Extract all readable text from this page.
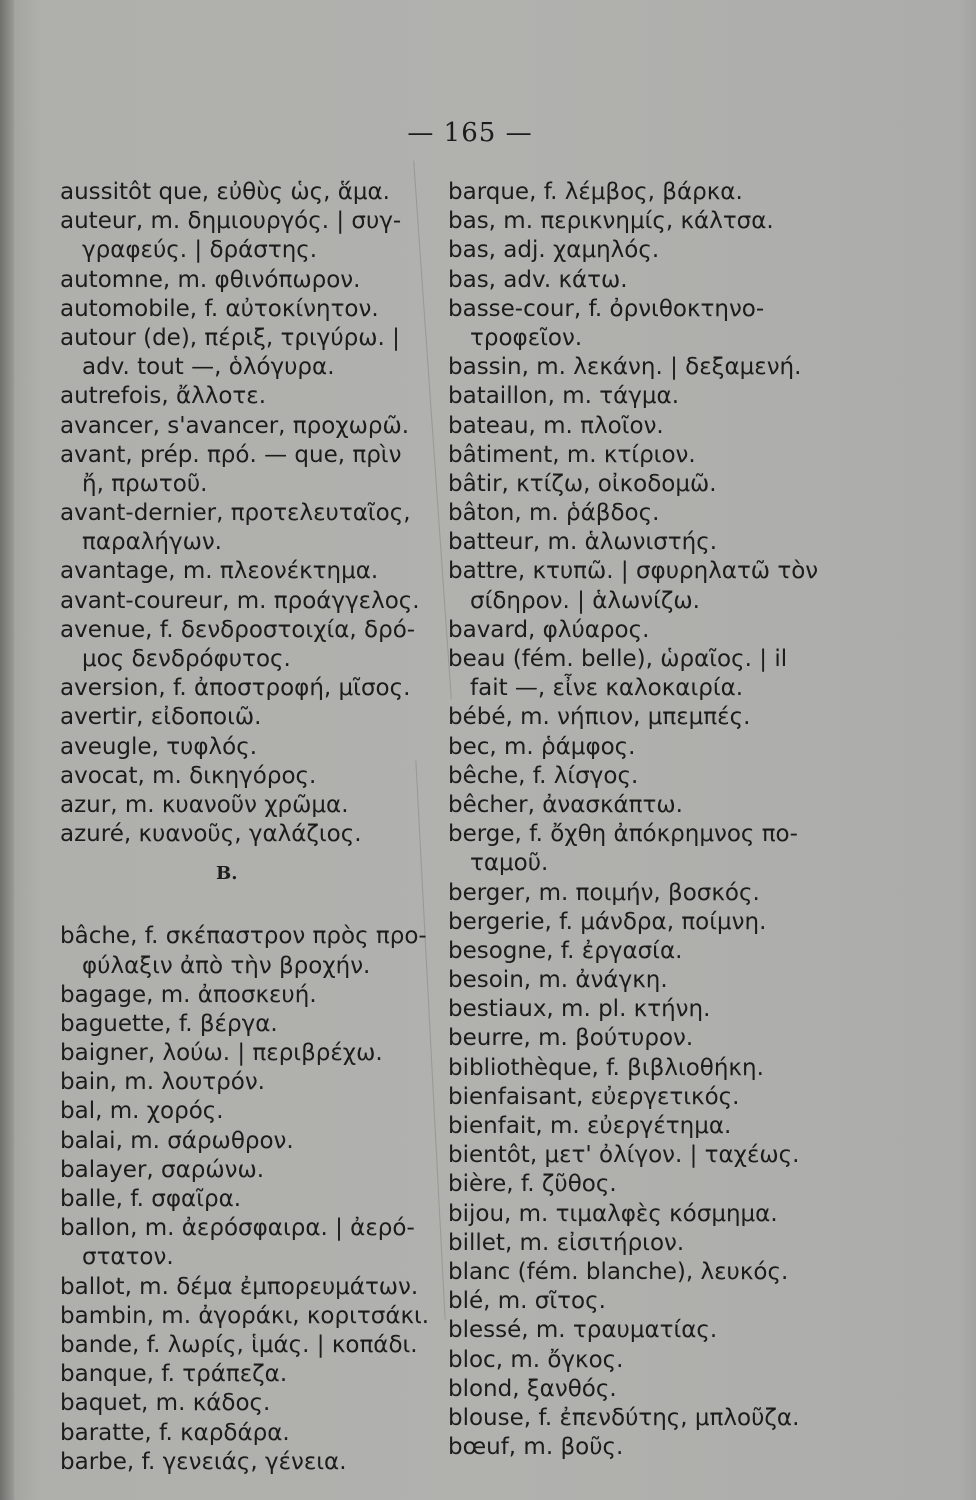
— 165 —
aussitôt que, εὐθὺς ὡς, ἅμα.
auteur, m. δημιουργός. | συγ-
γραφεύς. | δράστης.
automne, m. φθινόπωρον.
automobile, f. αὐτοκίνητον.
autour (de), πέριξ, τριγύρω. |
adv. tout —, ὁλόγυρα.
autrefois, ἄλλοτε.
avancer, s'avancer, προχωρῶ.
avant, prép. πρό. — que, πρὶν
ἤ, πρωτοῦ.
avant-dernier, προτελευταῖος,
παραλήγων.
avantage, m. πλεονέκτημα.
avant-coureur, m. προάγγελος.
avenue, f. δενδροστοιχία, δρό-
μος δενδρόφυτος.
aversion, f. ἀποστροφή, μῖσος.
avertir, εἰδοποιῶ.
aveugle, τυφλός.
avocat, m. δικηγόρος.
azur, m. κυανοῦν χρῶμα.
azuré, κυανοῦς, γαλάζιος.
B.
bâche, f. σκέπαστρον πρὸς προ-
φύλαξιν ἀπὸ τὴν βροχήν.
bagage, m. ἀποσκευή.
baguette, f. βέργα.
baigner, λούω. | περιβρέχω.
bain, m. λουτρόν.
bal, m. χορός.
balai, m. σάρωθρον.
balayer, σαρώνω.
balle, f. σφαῖρα.
ballon, m. ἀερόσφαιρα. | ἀερό-
στατον.
ballot, m. δέμα ἐμπορευμάτων.
bambin, m. ἀγοράκι, κοριτσάκι.
bande, f. λωρίς, ἱμάς. | κοπάδι.
banque, f. τράπεζα.
baquet, m. κάδος.
baratte, f. καρδάρα.
barbe, f. γενειάς, γένεια.
barque, f. λέμβος, βάρκα.
bas, m. περικνημίς, κάλτσα.
bas, adj. χαμηλός.
bas, adv. κάτω.
basse-cour, f. ὀρνιθοκτηνο-
τροφεῖον.
bassin, m. λεκάνη. | δεξαμενή.
bataillon, m. τάγμα.
bateau, m. πλοῖον.
bâtiment, m. κτίριον.
bâtir, κτίζω, οἰκοδομῶ.
bâton, m. ῥάβδος.
batteur, m. ἁλωνιστής.
battre, κτυπῶ. | σφυρηλατῶ τὸν
σίδηρον. | ἁλωνίζω.
bavard, φλύαρος.
beau (fém. belle), ὡραῖος. | il
fait —, εἶνε καλοκαιρία.
bébé, m. νήπιον, μπεμπές.
bec, m. ῥάμφος.
bêche, f. λίσγος.
bêcher, ἀνασκάπτω.
berge, f. ὄχθη ἀπόκρημνος πο-
ταμοῦ.
berger, m. ποιμήν, βοσκός.
bergerie, f. μάνδρα, ποίμνη.
besogne, f. ἐργασία.
besoin, m. ἀνάγκη.
bestiaux, m. pl. κτήνη.
beurre, m. βούτυρον.
bibliothèque, f. βιβλιοθήκη.
bienfaisant, εὐεργετικός.
bienfait, m. εὐεργέτημα.
bientôt, μετ' ὀλίγον. | ταχέως.
bière, f. ζῦθος.
bijou, m. τιμαλφὲς κόσμημα.
billet, m. εἰσιτήριον.
blanc (fém. blanche), λευκός.
blé, m. σῖτος.
blessé, m. τραυματίας.
bloc, m. ὄγκος.
blond, ξανθός.
blouse, f. ἐπενδύτης, μπλοῦζα.
bœuf, m. βοῦς.
